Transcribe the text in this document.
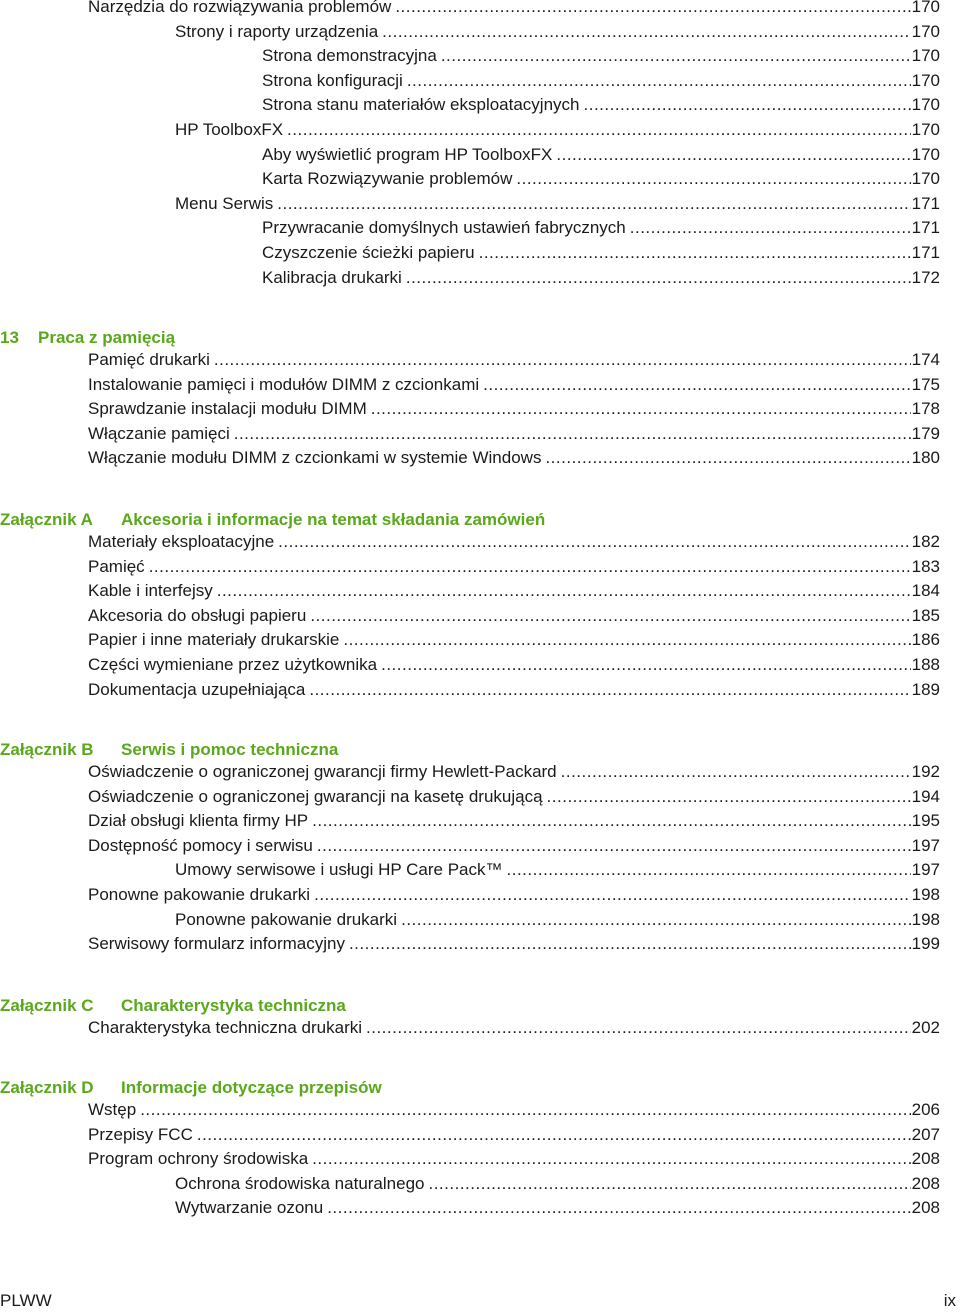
Narzędzia do rozwiązywania problemów .....	170
Strony i raporty urządzenia .....	170
Strona demonstracyjna .....	170
Strona konfiguracji .....	170
Strona stanu materiałów eksploatacyjnych .....	170
HP ToolboxFX .....	170
Aby wyświetlić program HP ToolboxFX .....	170
Karta Rozwiązywanie problemów .....	170
Menu Serwis .....	171
Przywracanie domyślnych ustawień fabrycznych .....	171
Czyszczenie ścieżki papieru .....	171
Kalibracja drukarki .....	172
13 Praca z pamięcią
Pamięć drukarki .....	174
Instalowanie pamięci i modułów DIMM z czcionkami .....	175
Sprawdzanie instalacji modułu DIMM .....	178
Włączanie pamięci .....	179
Włączanie modułu DIMM z czcionkami w systemie Windows .....	180
Załącznik A Akcesoria i informacje na temat składania zamówień
Materiały eksploatacyjne .....	182
Pamięć .....	183
Kable i interfejsy .....	184
Akcesoria do obsługi papieru .....	185
Papier i inne materiały drukarskie .....	186
Części wymieniane przez użytkownika .....	188
Dokumentacja uzupełniająca .....	189
Załącznik B Serwis i pomoc techniczna
Oświadczenie o ograniczonej gwarancji firmy Hewlett-Packard .....	192
Oświadczenie o ograniczonej gwarancji na kasetę drukującą .....	194
Dział obsługi klienta firmy HP .....	195
Dostępność pomocy i serwisu .....	197
Umowy serwisowe i usługi HP Care Pack™ .....	197
Ponowne pakowanie drukarki .....	198
Ponowne pakowanie drukarki .....	198
Serwisowy formularz informacyjny .....	199
Załącznik C Charakterystyka techniczna
Charakterystyka techniczna drukarki .....	202
Załącznik D Informacje dotyczące przepisów
Wstęp .....	206
Przepisy FCC .....	207
Program ochrony środowiska .....	208
Ochrona środowiska naturalnego .....	208
Wytwarzanie ozonu .....	208
PLWW	ix
